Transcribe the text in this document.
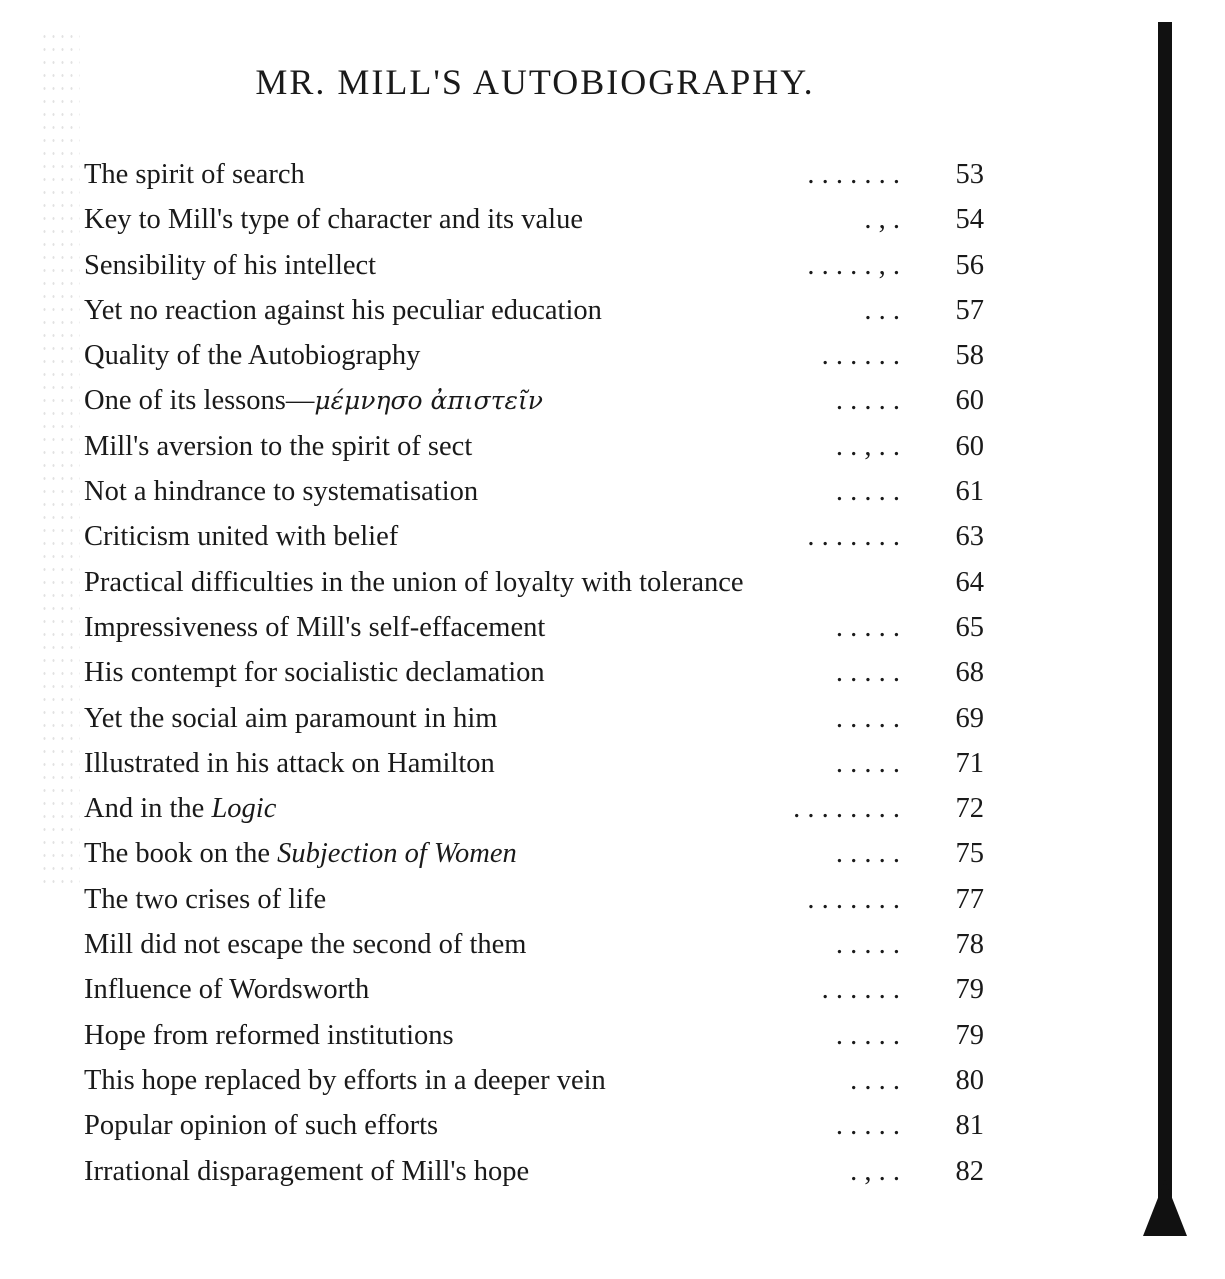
MR. MILL'S AUTOBIOGRAPHY.
The spirit of search	. . . . . . .	53
Key to Mill's type of character and its value	. , .	54
Sensibility of his intellect	. . . . . , .	56
Yet no reaction against his peculiar education	. . .	57
Quality of the Autobiography	. . . . . .	58
One of its lessons—μέμνησο ἀπιστεῖν	. . . . .	60
Mill's aversion to the spirit of sect	. . , . .	60
Not a hindrance to systematisation	. . . . .	61
Criticism united with belief	. . . . . . .	63
Practical difficulties in the union of loyalty with tolerance	64
Impressiveness of Mill's self-effacement	. . . . .	65
His contempt for socialistic declamation	. . . . .	68
Yet the social aim paramount in him	. . . . .	69
Illustrated in his attack on Hamilton	. . . . .	71
And in the Logic	. . . . . . . .	72
The book on the Subjection of Women	. . . . .	75
The two crises of life	. . . . . . .	77
Mill did not escape the second of them	. . . . .	78
Influence of Wordsworth	. . . . . .	79
Hope from reformed institutions	. . . . .	79
This hope replaced by efforts in a deeper vein	. . . .	80
Popular opinion of such efforts	. . . . .	81
Irrational disparagement of Mill's hope	. , . .	82
